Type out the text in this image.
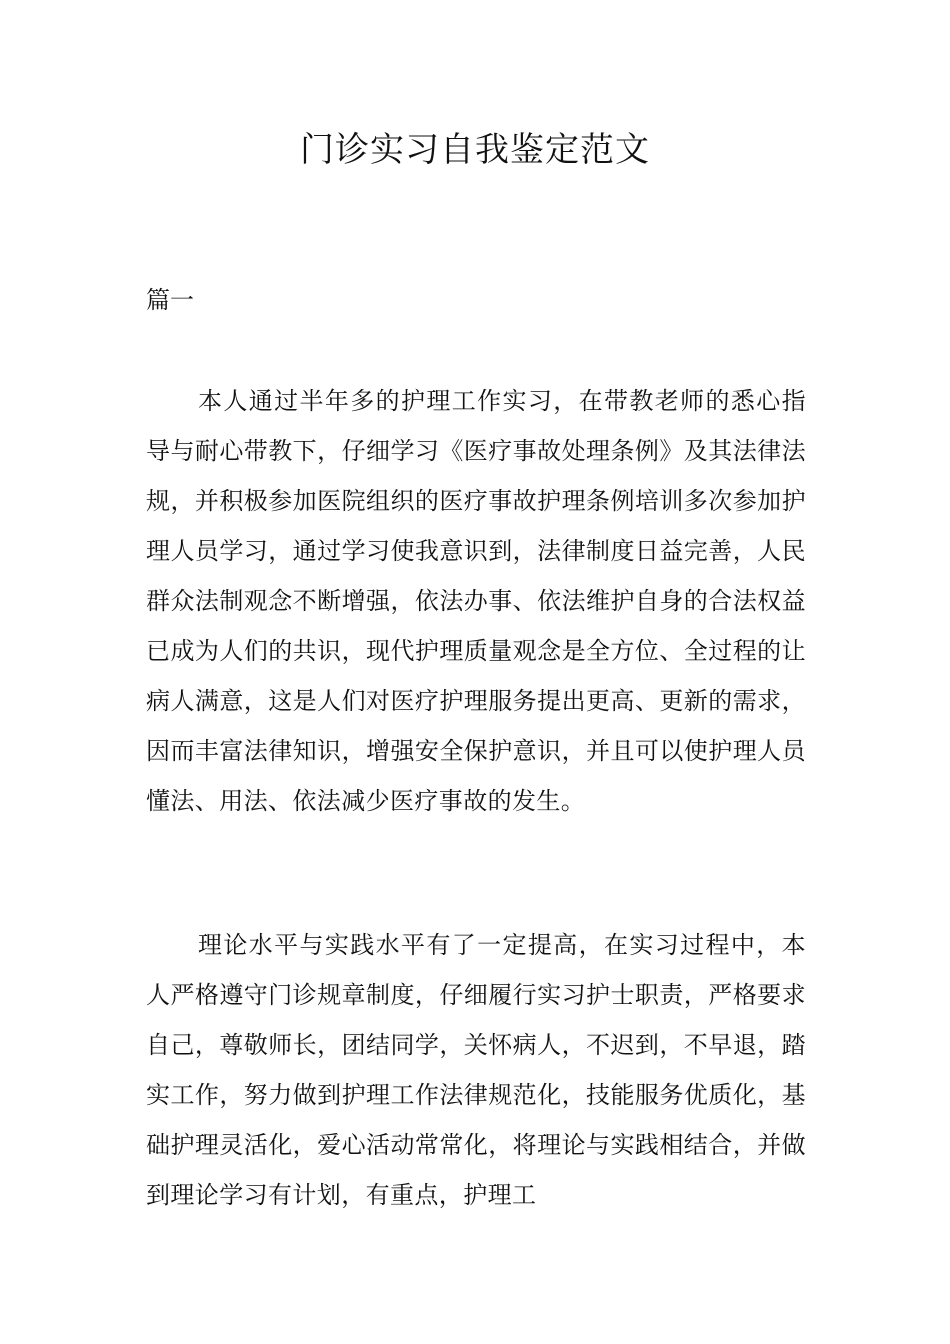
门诊实习自我鉴定范文

篇一

本人通过半年多的护理工作实习，在带教老师的悉心指导与耐心带教下，仔细学习《医疗事故处理条例》及其法律法规，并积极参加医院组织的医疗事故护理条例培训多次参加护理人员学习，通过学习使我意识到，法律制度日益完善，人民群众法制观念不断增强，依法办事、依法维护自身的合法权益已成为人们的共识，现代护理质量观念是全方位、全过程的让病人满意，这是人们对医疗护理服务提出更高、更新的需求，因而丰富法律知识，增强安全保护意识，并且可以使护理人员懂法、用法、依法减少医疗事故的发生。

理论水平与实践水平有了一定提高，在实习过程中，本人严格遵守门诊规章制度，仔细履行实习护士职责，严格要求自己，尊敬师长，团结同学，关怀病人，不迟到，不早退，踏实工作，努力做到护理工作法律规范化，技能服务优质化，基础护理灵活化，爱心活动常常化，将理论与实践相结合，并做到理论学习有计划，有重点，护理工
